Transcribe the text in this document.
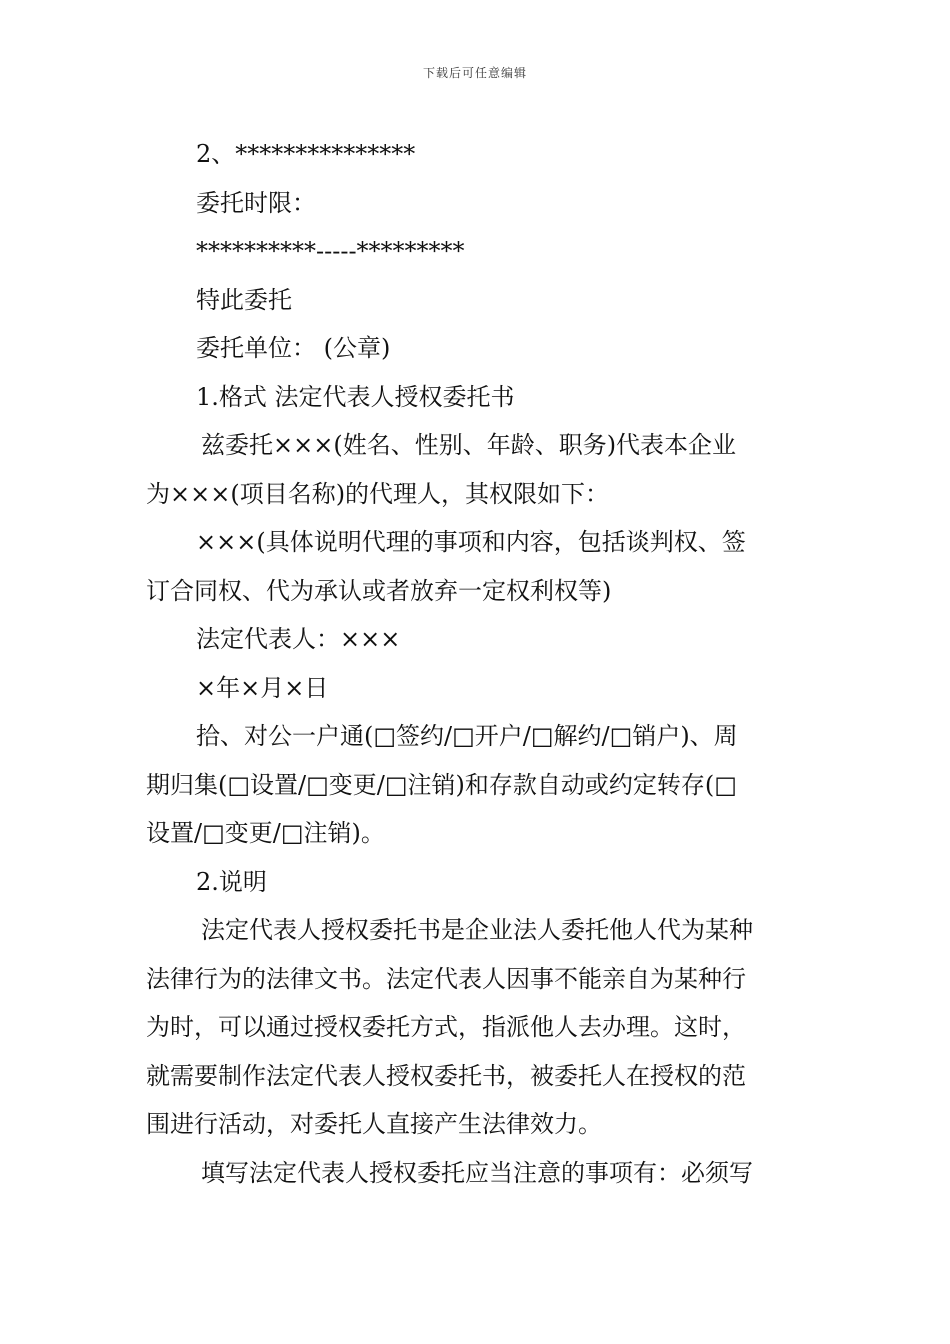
下载后可任意编辑
2、***************
委托时限：
**********-----*********
特此委托
委托单位： (公章)
1.格式 法定代表人授权委托书
兹委托×××(姓名、性别、年龄、职务)代表本企业
为×××(项目名称)的代理人，其权限如下：
×××(具体说明代理的事项和内容，包括谈判权、签
订合同权、代为承认或者放弃一定权利权等)
法定代表人：×××
×年×月×日
拾、对公一户通(□签约/□开户/□解约/□销户)、周
期归集(□设置/□变更/□注销)和存款自动或约定转存(□
设置/□变更/□注销)。
2.说明
法定代表人授权委托书是企业法人委托他人代为某种
法律行为的法律文书。法定代表人因事不能亲自为某种行
为时，可以通过授权委托方式，指派他人去办理。这时，
就需要制作法定代表人授权委托书，被委托人在授权的范
围进行活动，对委托人直接产生法律效力。
填写法定代表人授权委托应当注意的事项有：必须写
